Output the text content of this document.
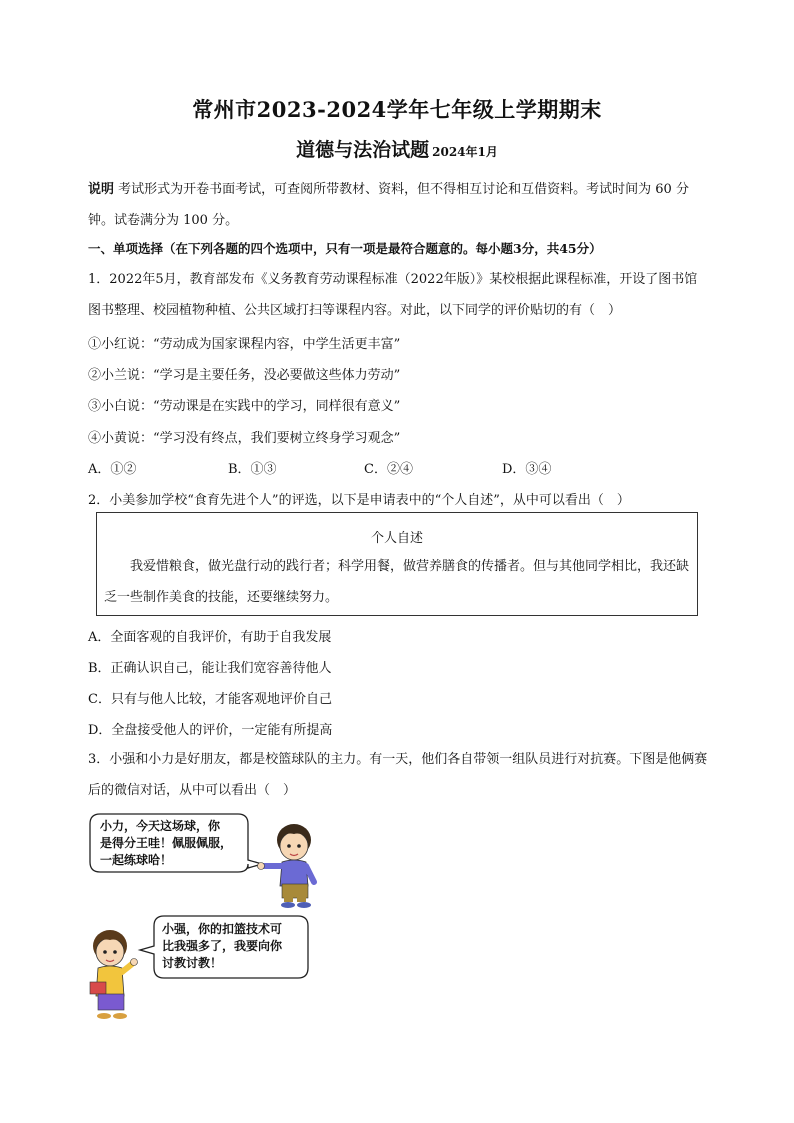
常州市2023-2024学年七年级上学期期末
道德与法治试题 2024年1月
说明 考试形式为开卷书面考试，可查阅所带教材、资料，但不得相互讨论和互借资料。考试时间为 60 分钟。试卷满分为 100 分。
一、单项选择（在下列各题的四个选项中，只有一项是最符合题意的。每小题3分，共45分）
1．2022年5月，教育部发布《义务教育劳动课程标准（2022年版）》某校根据此课程标准，开设了图书馆图书整理、校园植物种植、公共区域打扫等课程内容。对此，以下同学的评价贴切的有（　）
①小红说：“劳动成为国家课程内容，中学生活更丰富”
②小兰说：“学习是主要任务，没必要做这些体力劳动”
③小白说：“劳动课是在实践中的学习，同样很有意义”
④小黄说：“学习没有终点，我们要树立终身学习观念”
A．①②	B．①③	C．②④	D．③④
2．小美参加学校“食育先进个人”的评选，以下是申请表中的“个人自述”，从中可以看出（　）
个人自述
我爱惜粮食，做光盘行动的践行者；科学用餐，做营养膳食的传播者。但与其他同学相比，我还缺乏一些制作美食的技能，还要继续努力。
A．全面客观的自我评价，有助于自我发展
B．正确认识自己，能让我们宽容善待他人
C．只有与他人比较，才能客观地评价自己
D．全盘接受他人的评价，一定能有所提高
3．小强和小力是好朋友，都是校篮球队的主力。有一天，他们各自带领一组队员进行对抗赛。下图是他俩赛后的微信对话，从中可以看出（　）
小力，今天这场球，你
是得分王哇！佩服佩服，
一起练球哈！
小强，你的扣篮技术可
比我强多了，我要向你
讨教讨教！
